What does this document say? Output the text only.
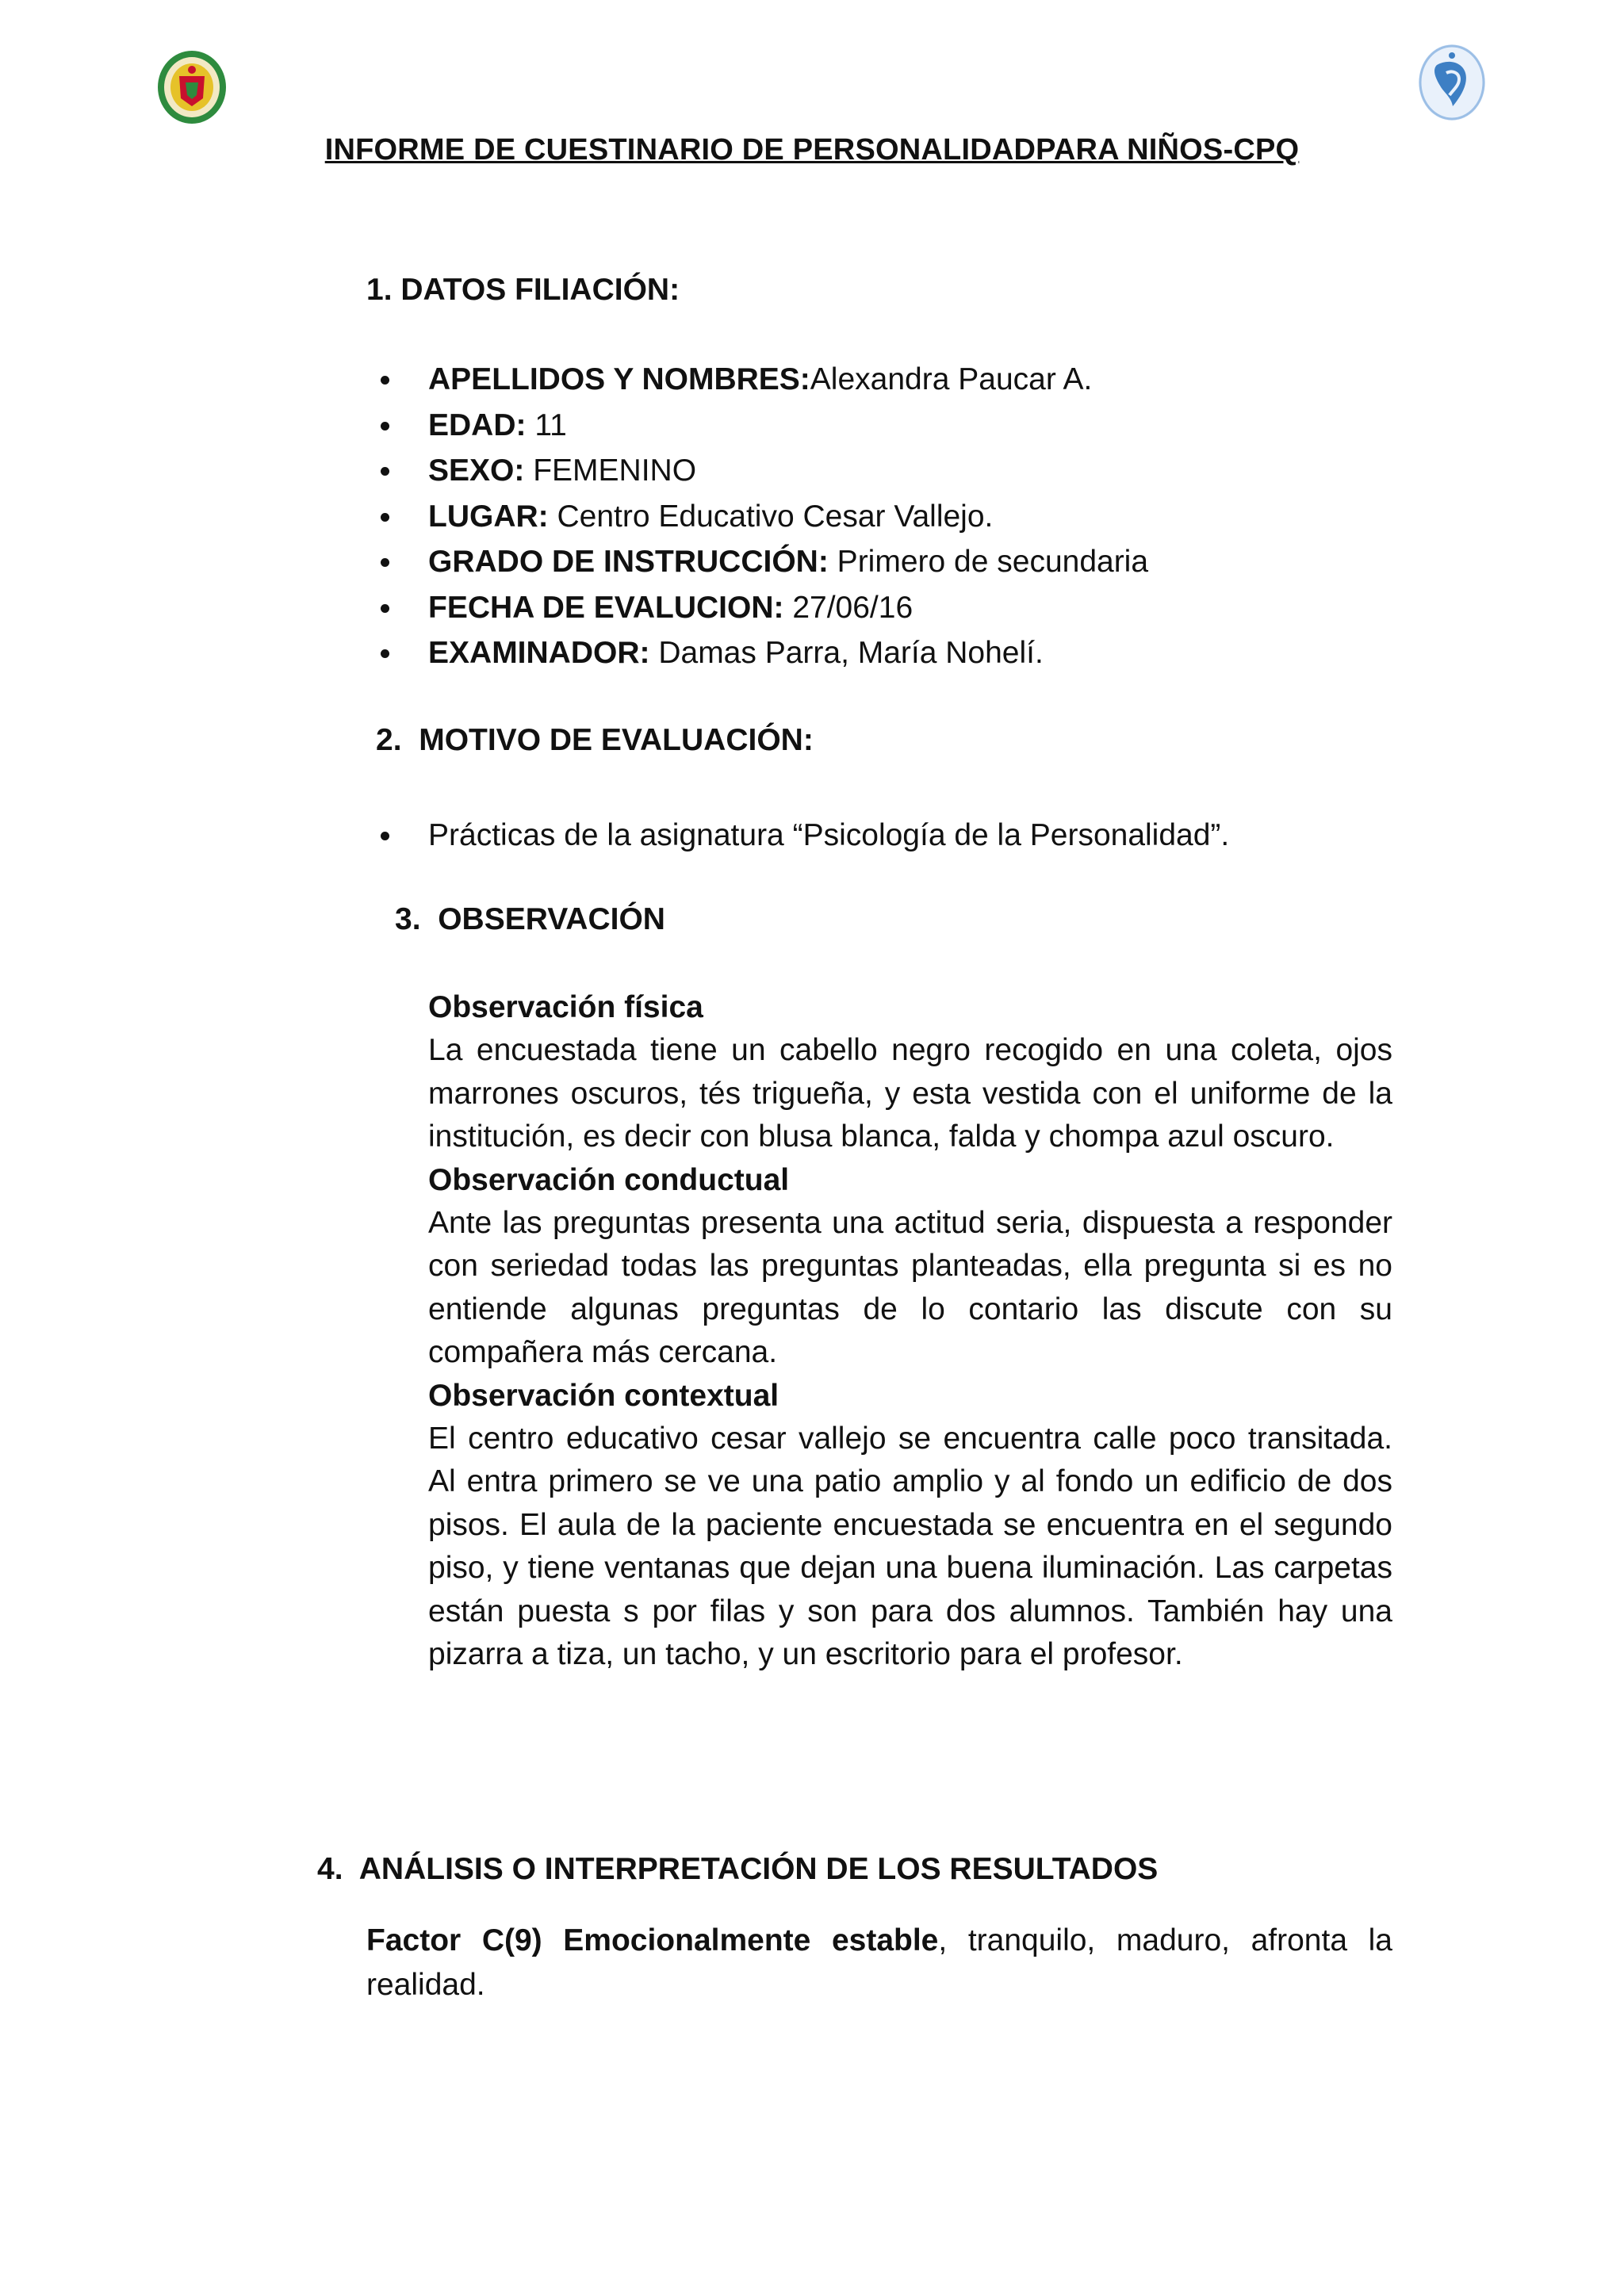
INFORME DE CUESTINARIO DE PERSONALIDADPARA NIÑOS-CPQ
1. DATOS FILIACIÓN:
APELLIDOS Y NOMBRES:Alexandra Paucar A.
EDAD: 11
SEXO: FEMENINO
LUGAR: Centro Educativo Cesar Vallejo.
GRADO DE INSTRUCCIÓN: Primero de secundaria
FECHA DE EVALUCION: 27/06/16
EXAMINADOR: Damas Parra, María Nohelí.
2. MOTIVO DE EVALUACIÓN:
Prácticas de la asignatura “Psicología de la Personalidad”.
3. OBSERVACIÓN
Observación física
La encuestada tiene un cabello negro recogido en una coleta, ojos marrones oscuros, tés trigueña, y esta vestida con el uniforme de la institución, es decir con blusa blanca, falda y chompa azul oscuro.
Observación conductual
Ante las preguntas presenta una actitud seria, dispuesta a responder con seriedad todas las preguntas planteadas, ella pregunta si es no entiende algunas preguntas de lo contario las discute con su compañera más cercana.
Observación contextual
El centro educativo cesar vallejo se encuentra calle poco transitada. Al entra primero se ve una patio amplio y al fondo un edificio de dos pisos. El aula de la paciente encuestada se encuentra en el segundo piso, y tiene ventanas que dejan una buena iluminación. Las carpetas están puesta s por filas y son para dos alumnos. También hay una pizarra a tiza, un tacho, y un escritorio para el profesor.
4. ANÁLISIS O INTERPRETACIÓN DE LOS RESULTADOS
Factor C(9) Emocionalmente estable, tranquilo, maduro, afronta la realidad.
